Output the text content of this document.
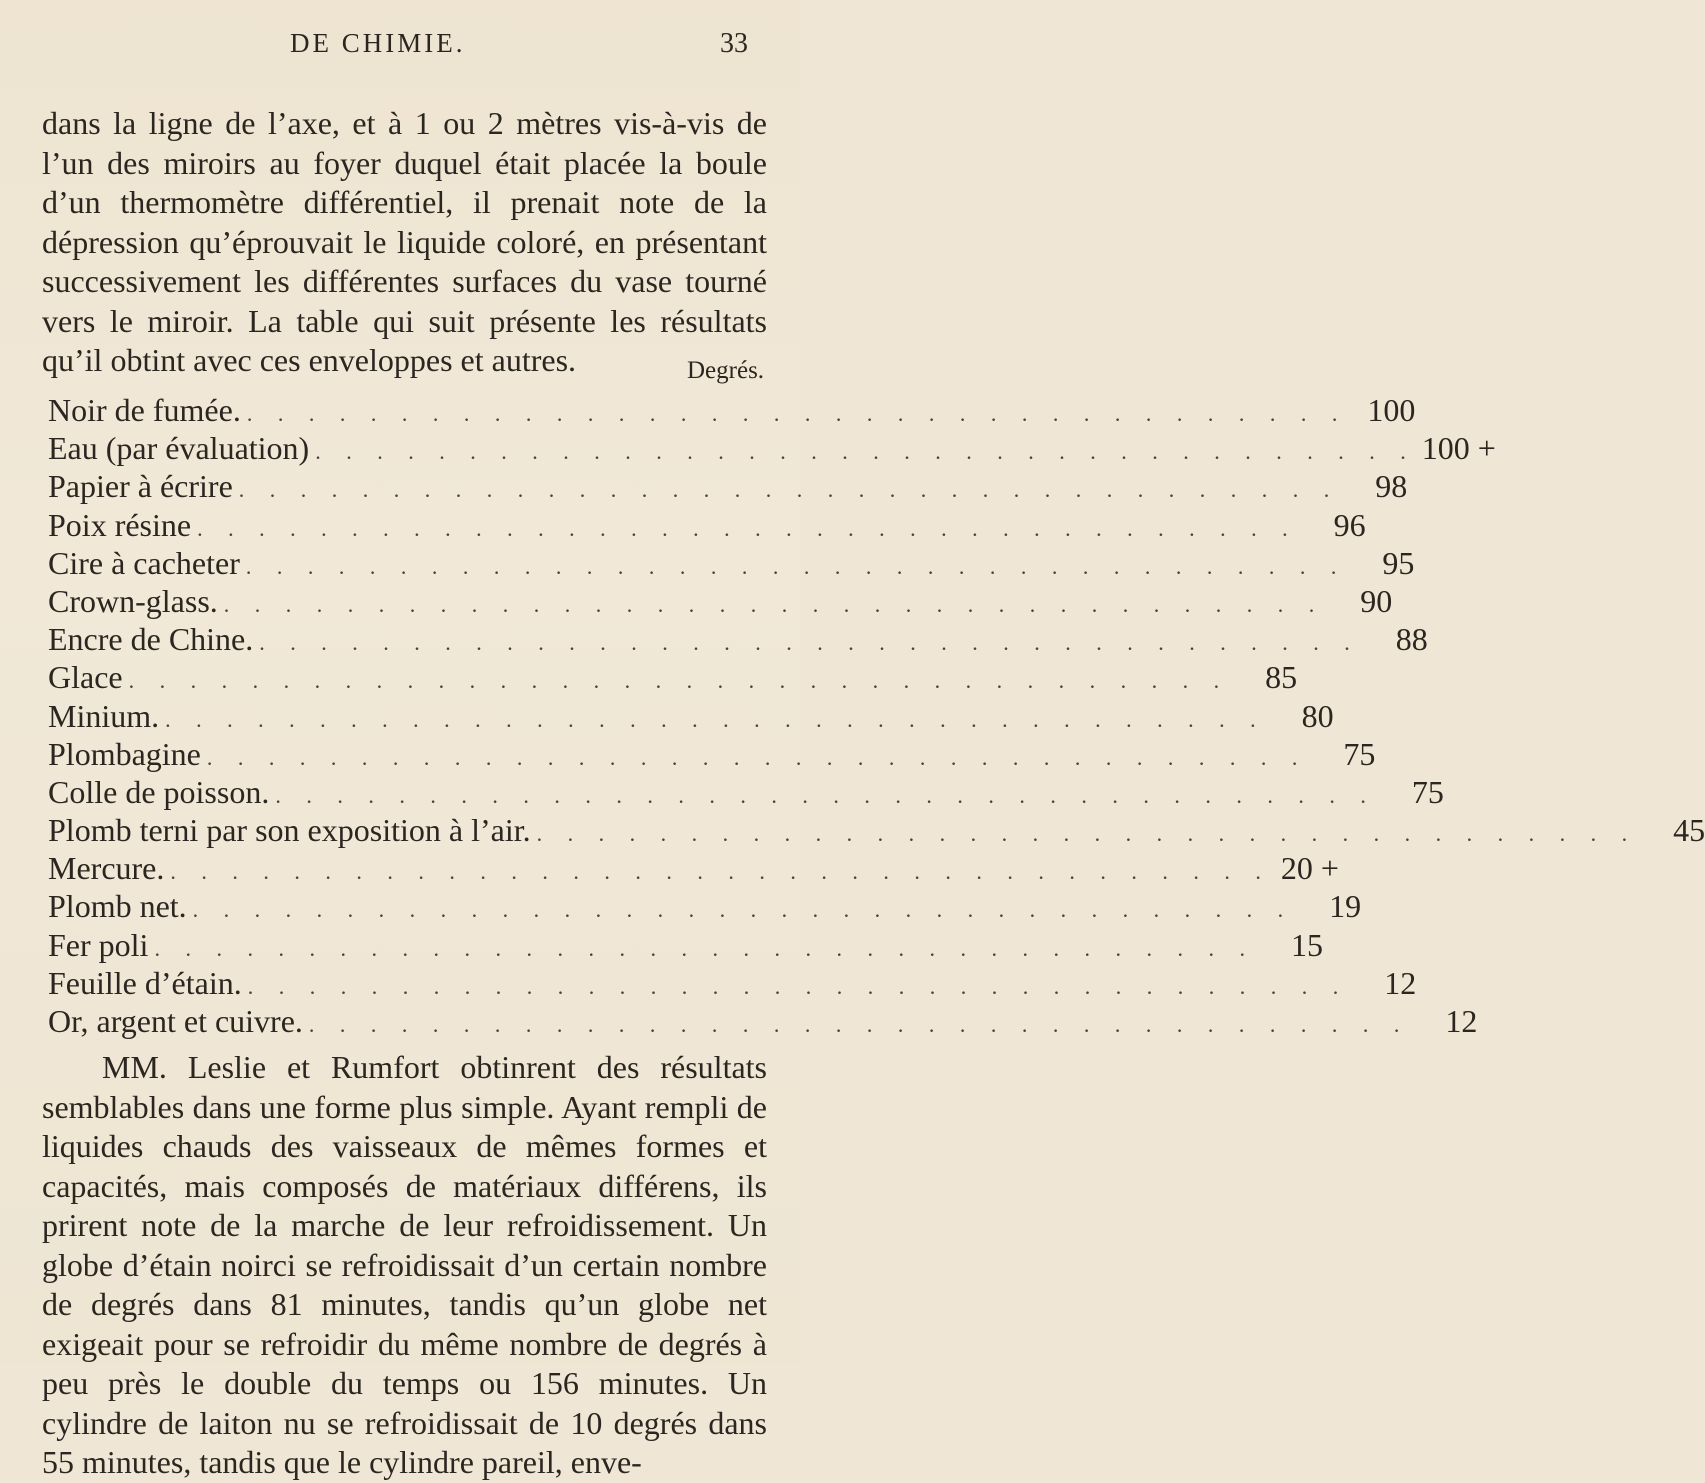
DE CHIMIE.	33

dans la ligne de l’axe, et à 1 ou 2 mètres vis-à-vis de l’un des miroirs au foyer duquel était placée la boule d’un thermomètre différentiel, il prenait note de la dépression qu’éprouvait le liquide coloré, en présentant successivement les différentes surfaces du vase tourné vers le miroir. La table qui suit présente les résultats qu’il obtint avec ces enveloppes et autres.	Degrés.
Noir de fumée. . . . . . . . . . . . . . . . . . . . . . . . . . . . . . . . . . . . . 100
Eau (par évaluation) . . . . . . . . . . . . . . . . . . . . . . . . . . . . . . . . . . . . 100 +
Papier à écrire . . . . . . . . . . . . . . . . . . . . . . . . . . . . . . . . . . . .	98
Poix résine . . . . . . . . . . . . . . . . . . . . . . . . . . . . . . . . . . . .	96
Cire à cacheter . . . . . . . . . . . . . . . . . . . . . . . . . . . . . . . . . . . .	95
Crown-glass. . . . . . . . . . . . . . . . . . . . . . . . . . . . . . . . . . . . .	90
Encre de Chine. . . . . . . . . . . . . . . . . . . . . . . . . . . . . . . . . . . . .	88
Glace . . . . . . . . . . . . . . . . . . . . . . . . . . . . . . . . . . . .	85
Minium. . . . . . . . . . . . . . . . . . . . . . . . . . . . . . . . . . . . .	80
Plombagine . . . . . . . . . . . . . . . . . . . . . . . . . . . . . . . . . . . .	75
Colle de poisson. . . . . . . . . . . . . . . . . . . . . . . . . . . . . . . . . . . . .	75
Plomb terni par son exposition à l’air. . . . . . . . . . . . . . . . . . . . . . . . . . . . . . . . . . . . .	45
Mercure. . . . . . . . . . . . . . . . . . . . . . . . . . . . . . . . . . . . . 20 +
Plomb net. . . . . . . . . . . . . . . . . . . . . . . . . . . . . . . . . . . . .	19
Fer poli . . . . . . . . . . . . . . . . . . . . . . . . . . . . . . . . . . . .	15
Feuille d’étain. . . . . . . . . . . . . . . . . . . . . . . . . . . . . . . . . . . . .	12
Or, argent et cuivre. . . . . . . . . . . . . . . . . . . . . . . . . . . . . . . . . . . . .	12

MM. Leslie et Rumfort obtinrent des résultats semblables dans une forme plus simple. Ayant rempli de liquides chauds des vaisseaux de mêmes formes et capacités, mais composés de matériaux différens, ils prirent note de la marche de leur refroidissement. Un globe d’étain noirci se refroidissait d’un certain nombre de degrés dans 81 minutes, tandis qu’un globe net exigeait pour se refroidir du même nombre de degrés à peu près le double du temps ou 156 minutes. Un cylindre de laiton nu se refroidissait de 10 degrés dans 55 minutes, tandis que le cylindre pareil, enve-
